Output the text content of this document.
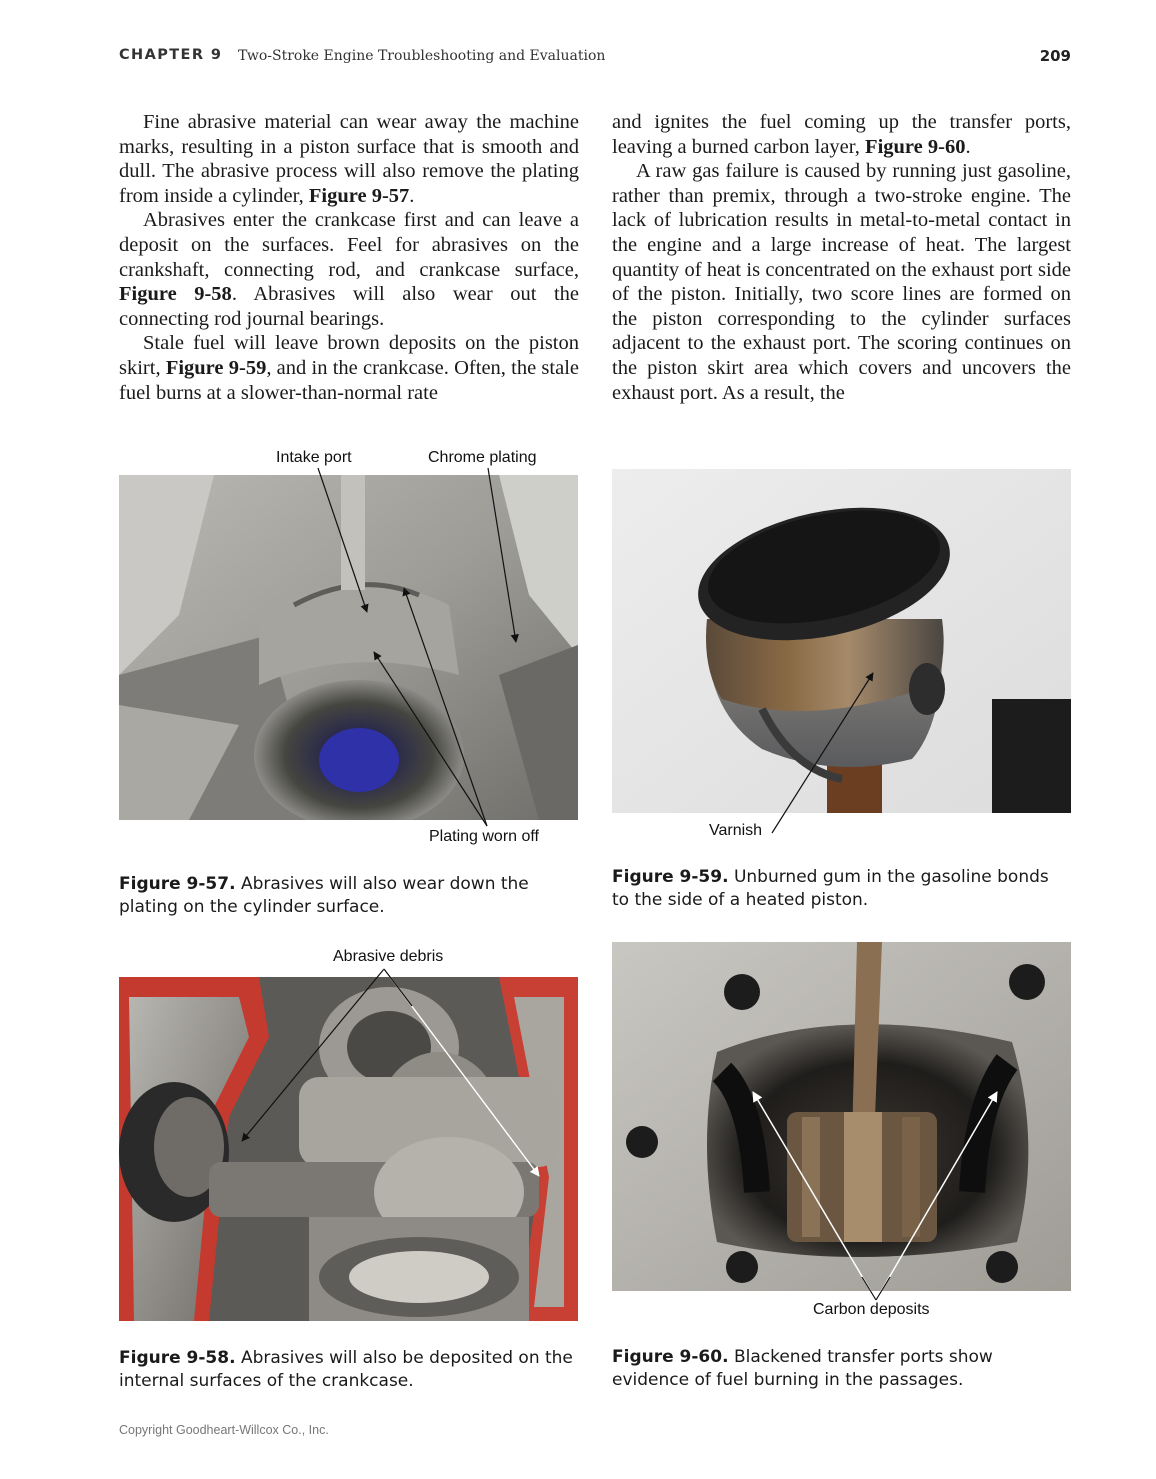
CHAPTER 9 Two-Stroke Engine Troubleshooting and Evaluation	209

Fine abrasive material can wear away the machine marks, resulting in a piston surface that is smooth and dull. The abrasive process will also remove the plating from inside a cylinder, Figure 9-57.

Abrasives enter the crankcase first and can leave a deposit on the surfaces. Feel for abrasives on the crankshaft, connecting rod, and crankcase surface, Figure 9-58. Abrasives will also wear out the connecting rod journal bearings.

Stale fuel will leave brown deposits on the piston skirt, Figure 9-59, and in the crankcase. Often, the stale fuel burns at a slower-than-normal rate

and ignites the fuel coming up the transfer ports, leaving a burned carbon layer, Figure 9-60.

A raw gas failure is caused by running just gasoline, rather than premix, through a two-stroke engine. The lack of lubrication results in metal-to-metal contact in the engine and a large increase of heat. The largest quantity of heat is concentrated on the exhaust port side of the piston. Initially, two score lines are formed on the piston corresponding to the cylinder surfaces adjacent to the exhaust port. The scoring continues on the piston skirt area which covers and uncovers the exhaust port. As a result, the

Intake port	Chrome plating
Plating worn off
Figure 9-57. Abrasives will also wear down the plating on the cylinder surface.
Varnish
Figure 9-59. Unburned gum in the gasoline bonds to the side of a heated piston.
Abrasive debris
Figure 9-58. Abrasives will also be deposited on the internal surfaces of the crankcase.
Carbon deposits
Figure 9-60. Blackened transfer ports show evidence of fuel burning in the passages.
Copyright Goodheart-Willcox Co., Inc.
